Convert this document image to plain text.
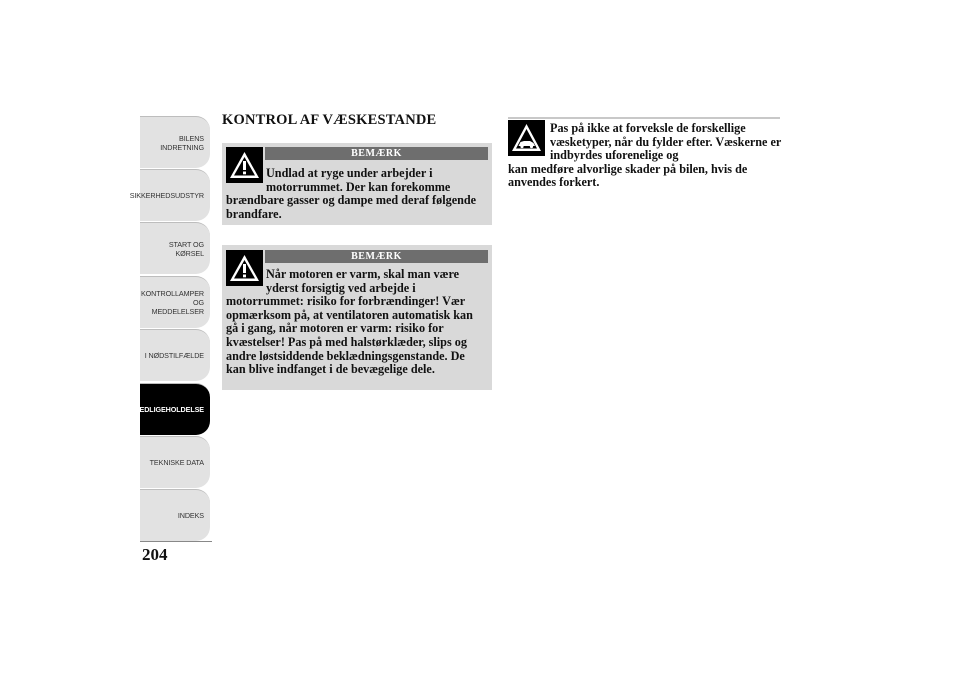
BILENS
INDRETNING
SIKKERHEDSUDSTYR
START OG KØRSEL
KONTROLLAMPER
OG MEDDELELSER
I NØDSTILFÆLDE
VEDLIGEHOLDELSE
TEKNISKE DATA
INDEKS
204
KONTROL AF VÆSKESTANDE
BEMÆRK
Undlad at ryge under arbejder i motorrummet. Der kan forekomme
brændbare gasser og dampe med deraf følgende brandfare.
BEMÆRK
Når motoren er varm, skal man være yderst forsigtig ved arbejde i
motorrummet: risiko for forbrændinger! Vær opmærksom på, at ventilatoren automatisk kan gå i gang, når motoren er varm: risiko for kvæstelser! Pas på med halstørklæder, slips og andre løstsiddende beklædningsgenstande. De kan blive indfanget i de bevægelige dele.
Pas på ikke at forveksle de forskellige væsketyper, når du fylder efter. Væskerne er indbyrdes uforenelige og
kan medføre alvorlige skader på bilen, hvis de anvendes forkert.
